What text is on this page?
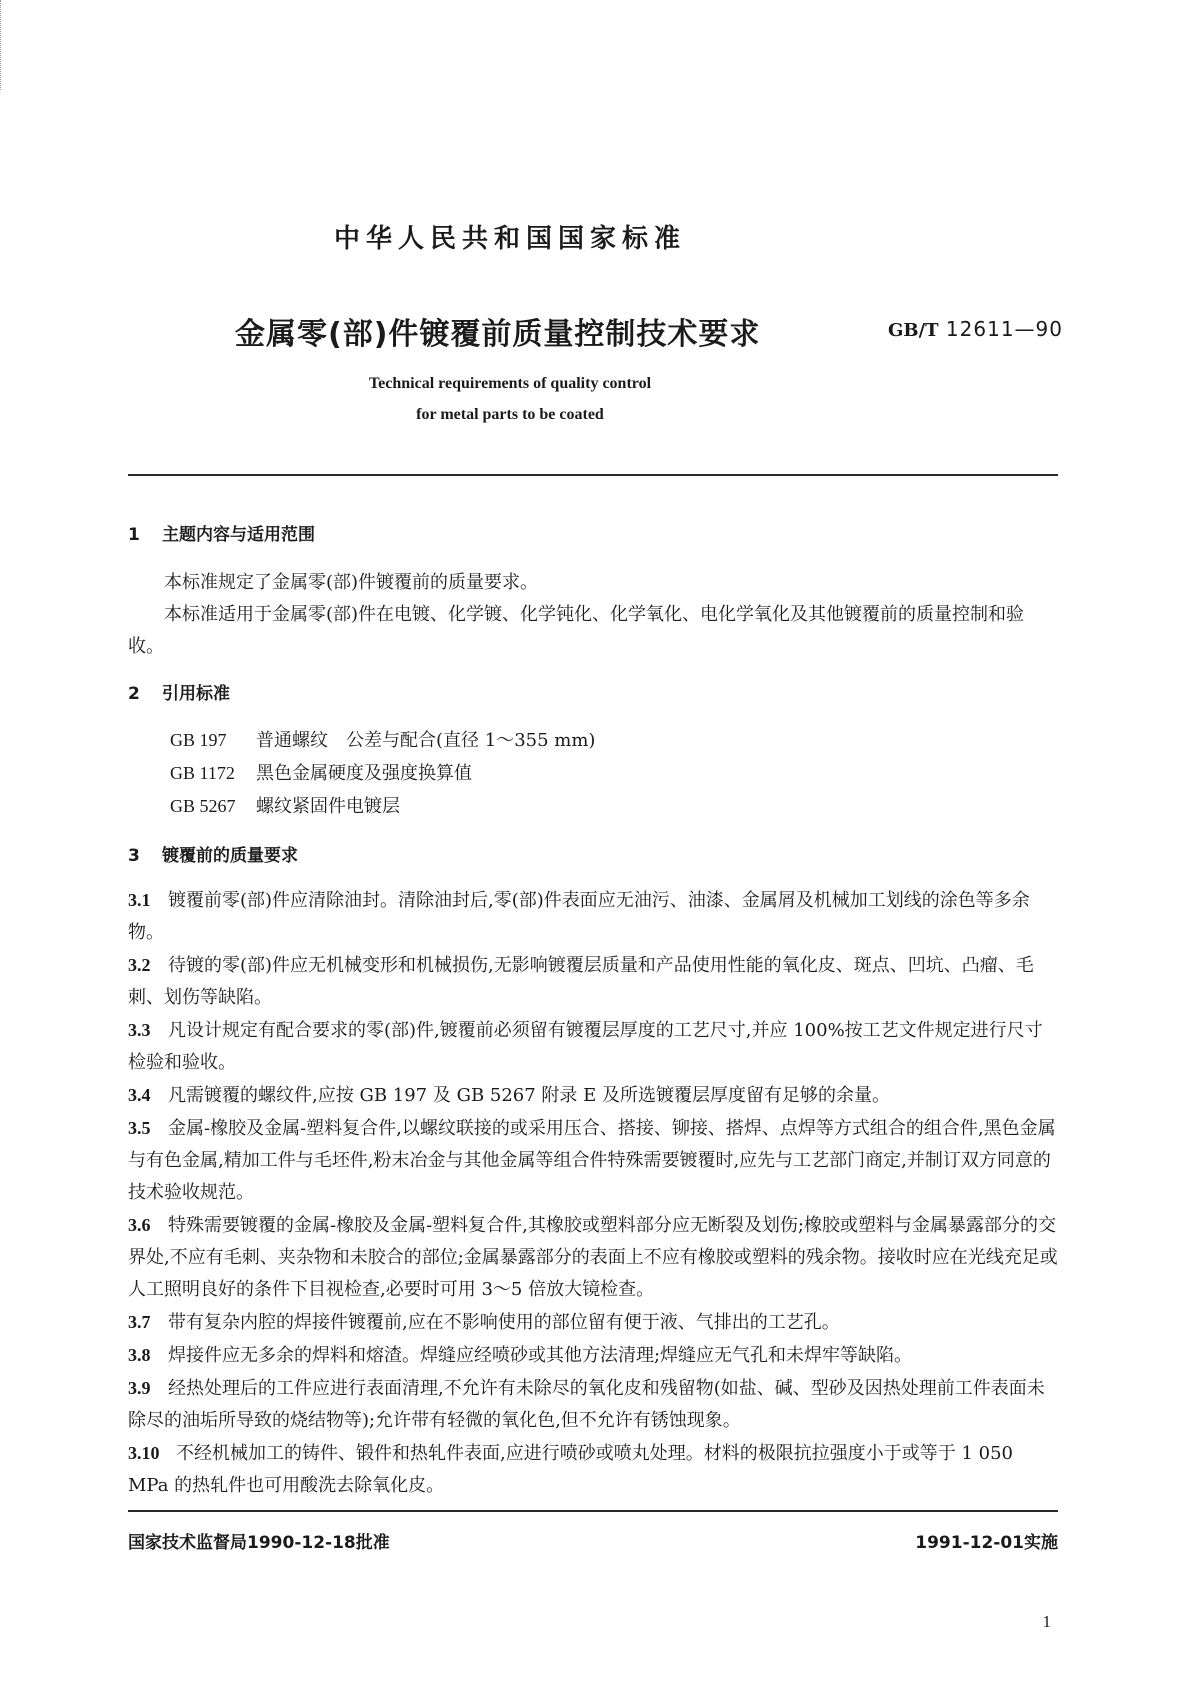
中华人民共和国国家标准
金属零(部)件镀覆前质量控制技术要求	GB/T 12611—90
Technical requirements of quality control
for metal parts to be coated

1 主题内容与适用范围

本标准规定了金属零(部)件镀覆前的质量要求。

本标准适用于金属零(部)件在电镀、化学镀、化学钝化、化学氧化、电化学氧化及其他镀覆前的质量控制和验收。

2 引用标准

GB 197 普通螺纹　公差与配合(直径 1～355 mm)
GB 1172 黑色金属硬度及强度换算值
GB 5267 螺纹紧固件电镀层

3 镀覆前的质量要求

3.1 镀覆前零(部)件应清除油封。清除油封后,零(部)件表面应无油污、油漆、金属屑及机械加工划线的涂色等多余物。

3.2 待镀的零(部)件应无机械变形和机械损伤,无影响镀覆层质量和产品使用性能的氧化皮、斑点、凹坑、凸瘤、毛刺、划伤等缺陷。

3.3 凡设计规定有配合要求的零(部)件,镀覆前必须留有镀覆层厚度的工艺尺寸,并应 100%按工艺文件规定进行尺寸检验和验收。

3.4 凡需镀覆的螺纹件,应按 GB 197 及 GB 5267 附录 E 及所选镀覆层厚度留有足够的余量。

3.5 金属-橡胶及金属-塑料复合件,以螺纹联接的或采用压合、搭接、铆接、搭焊、点焊等方式组合的组合件,黑色金属与有色金属,精加工件与毛坯件,粉末冶金与其他金属等组合件特殊需要镀覆时,应先与工艺部门商定,并制订双方同意的技术验收规范。

3.6 特殊需要镀覆的金属-橡胶及金属-塑料复合件,其橡胶或塑料部分应无断裂及划伤;橡胶或塑料与金属暴露部分的交界处,不应有毛刺、夹杂物和未胶合的部位;金属暴露部分的表面上不应有橡胶或塑料的残余物。接收时应在光线充足或人工照明良好的条件下目视检查,必要时可用 3～5 倍放大镜检查。

3.7 带有复杂内腔的焊接件镀覆前,应在不影响使用的部位留有便于液、气排出的工艺孔。

3.8 焊接件应无多余的焊料和熔渣。焊缝应经喷砂或其他方法清理;焊缝应无气孔和未焊牢等缺陷。

3.9 经热处理后的工件应进行表面清理,不允许有未除尽的氧化皮和残留物(如盐、碱、型砂及因热处理前工件表面未除尽的油垢所导致的烧结物等);允许带有轻微的氧化色,但不允许有锈蚀现象。

3.10 不经机械加工的铸件、锻件和热轧件表面,应进行喷砂或喷丸处理。材料的极限抗拉强度小于或等于 1 050 MPa 的热轧件也可用酸洗去除氧化皮。

国家技术监督局1990-12-18批准	1991-12-01实施
1
